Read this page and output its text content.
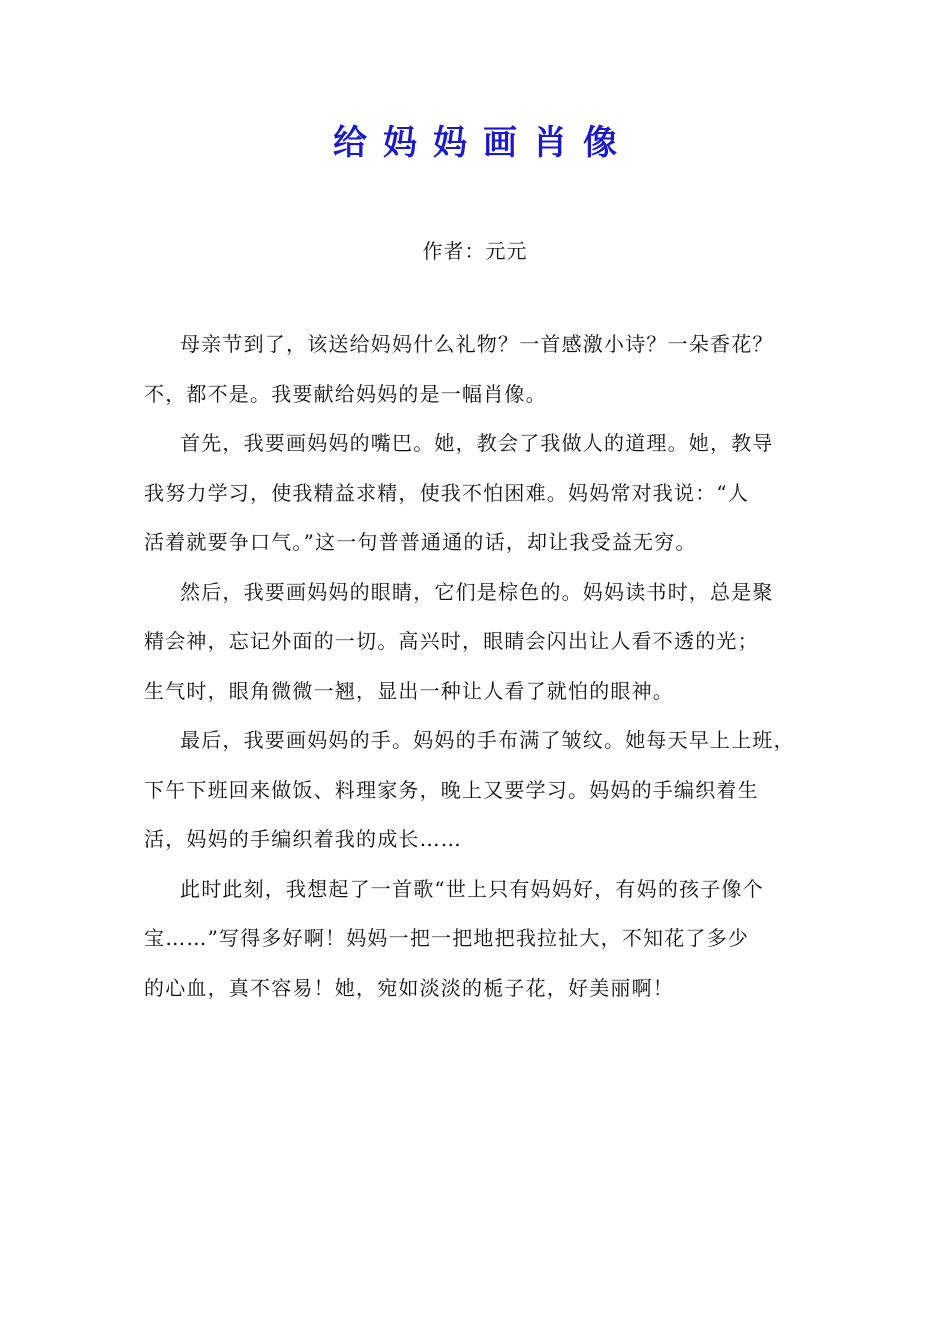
给妈妈画肖像
作者：元元

母亲节到了，该送给妈妈什么礼物？一首感激小诗？一朵香花？
不，都不是。我要献给妈妈的是一幅肖像。

首先，我要画妈妈的嘴巴。她，教会了我做人的道理。她，教导
我努力学习，使我精益求精，使我不怕困难。妈妈常对我说：“人
活着就要争口气。”这一句普普通通的话，却让我受益无穷。

然后，我要画妈妈的眼睛，它们是棕色的。妈妈读书时，总是聚
精会神，忘记外面的一切。高兴时，眼睛会闪出让人看不透的光；
生气时，眼角微微一翘，显出一种让人看了就怕的眼神。

最后，我要画妈妈的手。妈妈的手布满了皱纹。她每天早上上班，
下午下班回来做饭、料理家务，晚上又要学习。妈妈的手编织着生
活，妈妈的手编织着我的成长……

此时此刻，我想起了一首歌“世上只有妈妈好，有妈的孩子像个
宝……”写得多好啊！妈妈一把一把地把我拉扯大，不知花了多少
的心血，真不容易！她，宛如淡淡的栀子花，好美丽啊！
